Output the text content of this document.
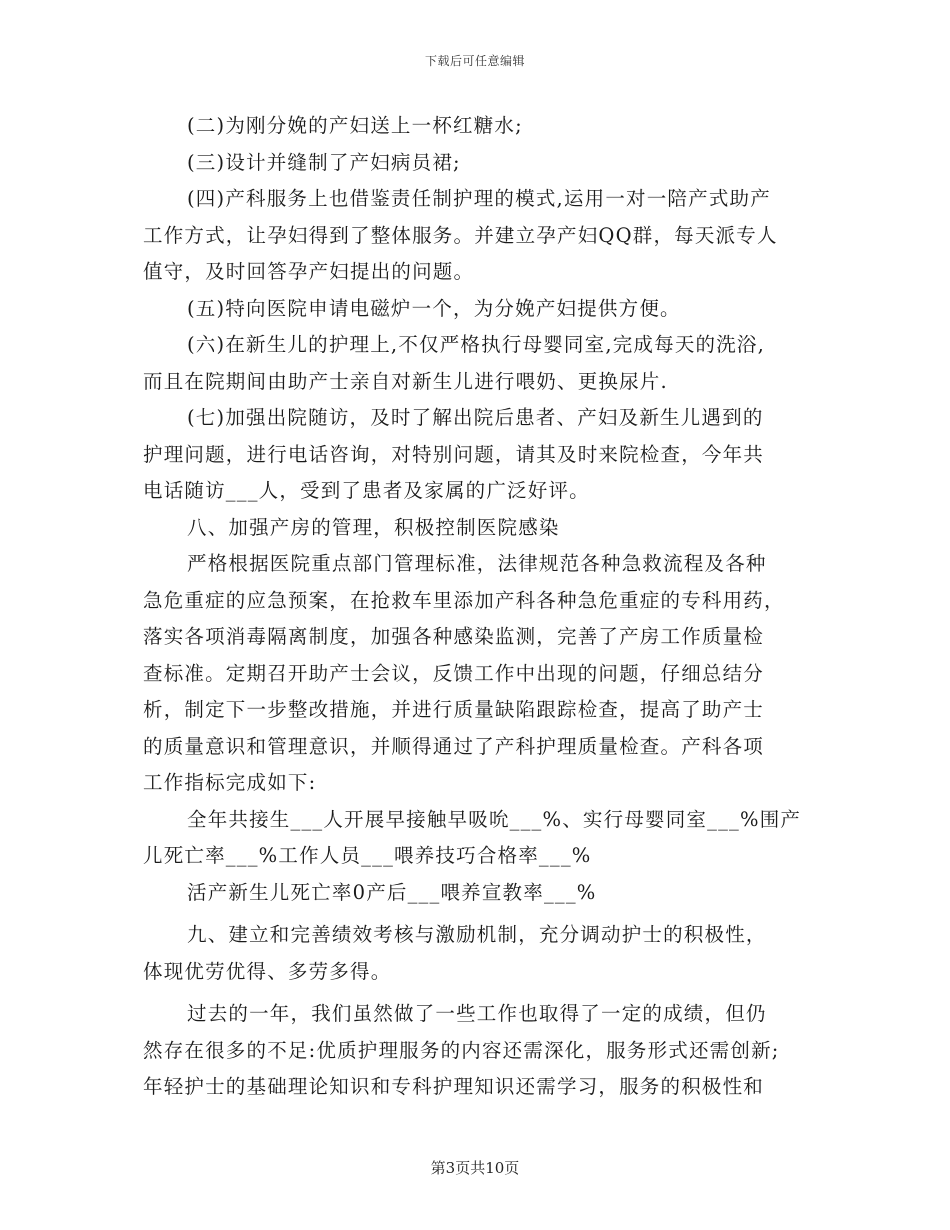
下载后可任意编辑
(二)为刚分娩的产妇送上一杯红糖水;
(三)设计并缝制了产妇病员裙;
(四)产科服务上也借鉴责任制护理的模式,运用一对一陪产式助产
工作方式，让孕妇得到了整体服务。并建立孕产妇QQ群，每天派专人
值守，及时回答孕产妇提出的问题。
(五)特向医院申请电磁炉一个，为分娩产妇提供方便。
(六)在新生儿的护理上,不仅严格执行母婴同室,完成每天的洗浴,
而且在院期间由助产士亲自对新生儿进行喂奶、更换尿片.
(七)加强出院随访，及时了解出院后患者、产妇及新生儿遇到的
护理问题，进行电话咨询，对特别问题，请其及时来院检查，今年共
电话随访___人，受到了患者及家属的广泛好评。
八、加强产房的管理，积极控制医院感染
严格根据医院重点部门管理标准，法律规范各种急救流程及各种
急危重症的应急预案，在抢救车里添加产科各种急危重症的专科用药，
落实各项消毒隔离制度，加强各种感染监测，完善了产房工作质量检
查标准。定期召开助产士会议，反馈工作中出现的问题，仔细总结分
析，制定下一步整改措施，并进行质量缺陷跟踪检查，提高了助产士
的质量意识和管理意识，并顺得通过了产科护理质量检查。产科各项
工作指标完成如下:
全年共接生___人开展早接触早吸吮___%、实行母婴同室___%围产
儿死亡率___%工作人员___喂养技巧合格率___%
活产新生儿死亡率0产后___喂养宣教率___%
九、建立和完善绩效考核与激励机制，充分调动护士的积极性，
体现优劳优得、多劳多得。
过去的一年，我们虽然做了一些工作也取得了一定的成绩，但仍
然存在很多的不足:优质护理服务的内容还需深化，服务形式还需创新;
年轻护士的基础理论知识和专科护理知识还需学习，服务的积极性和
第3页共10页
